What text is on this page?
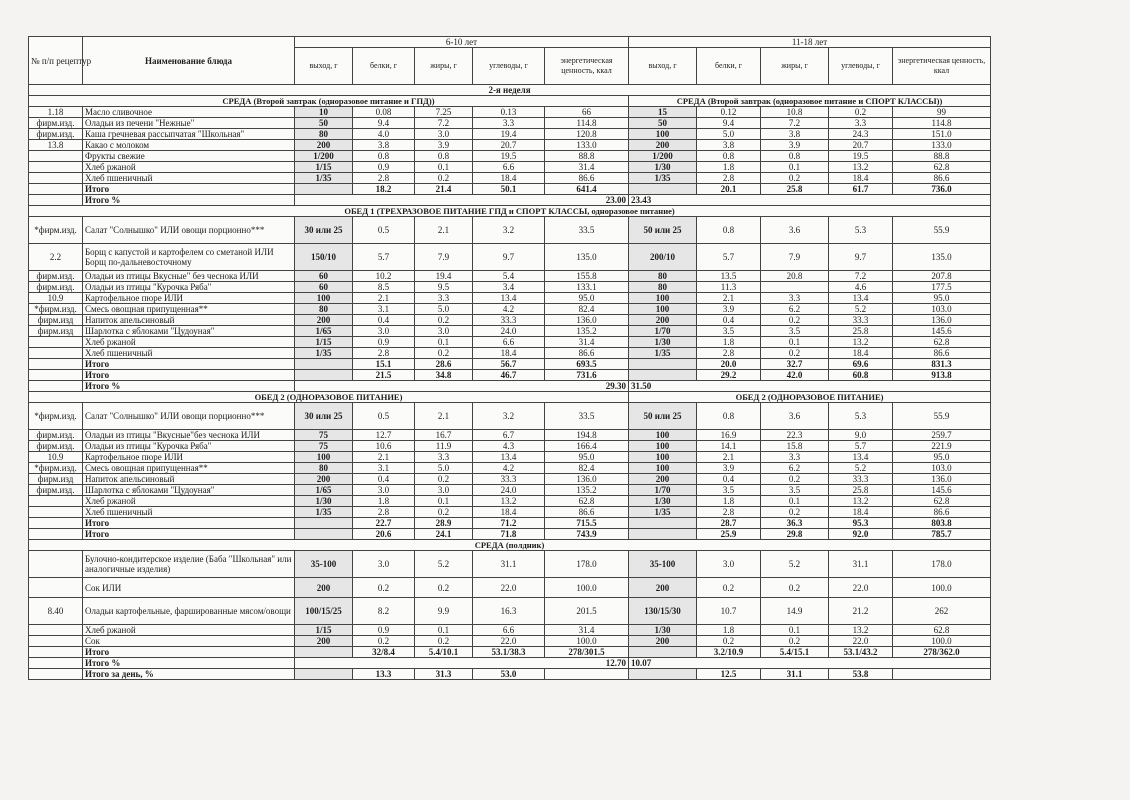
№ п/п рецептур	Наименование блюда	6-10 лет					11-18 лет				
		выход, г	белки, г	жиры, г	углеводы, г	энергетическая ценность, ккал	выход, г	белки, г	жиры, г	углеводы, г	энергетическая ценность, ккал
2-я неделя											
СРЕДА (Второй завтрак (одноразовое питание и ГПД))							СРЕДА (Второй завтрак (одноразовое питание и СПОРТ КЛАССЫ))				
1.18	Масло сливочное	10	0.08	7.25	0.13	66	15	0.12	10.8	0.2	99
фирм.изд.	Оладьи из печени "Нежные"	50	9.4	7.2	3.3	114.8	50	9.4	7.2	3.3	114.8
фирм.изд.	Каша гречневая рассыпчатая "Школьная"	80	4.0	3.0	19.4	120.8	100	5.0	3.8	24.3	151.0
13.8	Какао с молоком	200	3.8	3.9	20.7	133.0	200	3.8	3.9	20.7	133.0
	Фрукты свежие	1/200	0.8	0.8	19.5	88.8	1/200	0.8	0.8	19.5	88.8
	Хлеб ржаной	1/15	0.9	0.1	6.6	31.4	1/30	1.8	0.1	13.2	62.8
	Хлеб пшеничный	1/35	2.8	0.2	18.4	86.6	1/35	2.8	0.2	18.4	86.6
	Итого		18.2	21.4	50.1	641.4		20.1	25.8	61.7	736.0
	Итого %	23.00					23.43				
ОБЕД 1 (ТРЕХРАЗОВОЕ ПИТАНИЕ ГПД и СПОРТ КЛАССЫ, одноразовое питание)											
*фирм.изд.	Салат "Солнышко" ИЛИ овощи порционно***	30 или 25	0.5	2.1	3.2	33.5	50 или 25	0.8	3.6	5.3	55.9
2.2	Борщ с капустой и картофелем со сметаной ИЛИ Борщ по-дальневосточному	150/10	5.7	7.9	9.7	135.0	200/10	5.7	7.9	9.7	135.0
фирм.изд.	Оладьи из птицы Вкусные" без чеснока ИЛИ	60	10.2	19.4	5.4	155.8	80	13.5	20.8	7.2	207.8
фирм.изд.	Оладьи из птицы "Курочка Ряба"	60	8.5	9.5	3.4	133.1	80	11.3		4.6	177.5
10.9	Картофельное пюре ИЛИ	100	2.1	3.3	13.4	95.0	100	2.1	3.3	13.4	95.0
*фирм.изд.	Смесь овощная припущенная**	80	3.1	5.0	4.2	82.4	100	3.9	6.2	5.2	103.0
фирм.изд	Напиток апельсиновый	200	0.4	0.2	33.3	136.0	200	0.4	0.2	33.3	136.0
фирм.изд	Шарлотка с яблоками "Цудоуная"	1/65	3.0	3.0	24.0	135.2	1/70	3.5	3.5	25.8	145.6
	Хлеб ржаной	1/15	0.9	0.1	6.6	31.4	1/30	1.8	0.1	13.2	62.8
	Хлеб пшеничный	1/35	2.8	0.2	18.4	86.6	1/35	2.8	0.2	18.4	86.6
	Итого		15.1	28.6	56.7	693.5		20.0	32.7	69.6	831.3
	Итого		21.5	34.8	46.7	731.6		29.2	42.0	60.8	913.8
	Итого %	29.30					31.50				
ОБЕД 2 (ОДНОРАЗОВОЕ ПИТАНИЕ)							ОБЕД 2 (ОДНОРАЗОВОЕ ПИТАНИЕ)				
*фирм.изд.	Салат "Солнышко" ИЛИ овощи порционно***	30 или 25	0.5	2.1	3.2	33.5	50 или 25	0.8	3.6	5.3	55.9
фирм.изд.	Оладьи из птицы "Вкусные"без чеснока ИЛИ	75	12.7	16.7	6.7	194.8	100	16.9	22.3	9.0	259.7
фирм.изд.	Оладьи из птицы "Курочка Ряба"	75	10.6	11.9	4.3	166.4	100	14.1	15.8	5.7	221.9
10.9	Картофельное пюре ИЛИ	100	2.1	3.3	13.4	95.0	100	2.1	3.3	13.4	95.0
*фирм.изд.	Смесь овощная припущенная**	80	3.1	5.0	4.2	82.4	100	3.9	6.2	5.2	103.0
фирм.изд	Напиток апельсиновый	200	0.4	0.2	33.3	136.0	200	0.4	0.2	33.3	136.0
фирм.изд.	Шарлотка с яблоками "Цудоуная"	1/65	3.0	3.0	24.0	135.2	1/70	3.5	3.5	25.8	145.6
	Хлеб ржаной	1/30	1.8	0.1	13.2	62.8	1/30	1.8	0.1	13.2	62.8
	Хлеб пшеничный	1/35	2.8	0.2	18.4	86.6	1/35	2.8	0.2	18.4	86.6
	Итого		22.7	28.9	71.2	715.5		28.7	36.3	95.3	803.8
	Итого		20.6	24.1	71.8	743.9		25.9	29.8	92.0	785.7
СРЕДА (полдник)											
	Булочно-кондитерское изделие (Баба "Школьная" или аналогичные изделия)	35-100	3.0	5.2	31.1	178.0	35-100	3.0	5.2	31.1	178.0
	Сок ИЛИ	200	0.2	0.2	22.0	100.0	200	0.2	0.2	22.0	100.0
8.40	Оладьи картофельные, фаршированные мясом/овощи	100/15/25	8.2	9.9	16.3	201.5	130/15/30	10.7	14.9	21.2	262
	Хлеб ржаной	1/15	0.9	0.1	6.6	31.4	1/30	1.8	0.1	13.2	62.8
	Сок	200	0.2	0.2	22.0	100.0	200	0.2	0.2	22.0	100.0
	Итого		32/8.4	5.4/10.1	53.1/38.3	278/301.5		3.2/10.9	5.4/15.1	53.1/43.2	278/362.0
	Итого %	12.70					10.07				
	Итого за день, %		13.3	31.3	53.0			12.5	31.1	53.8	
